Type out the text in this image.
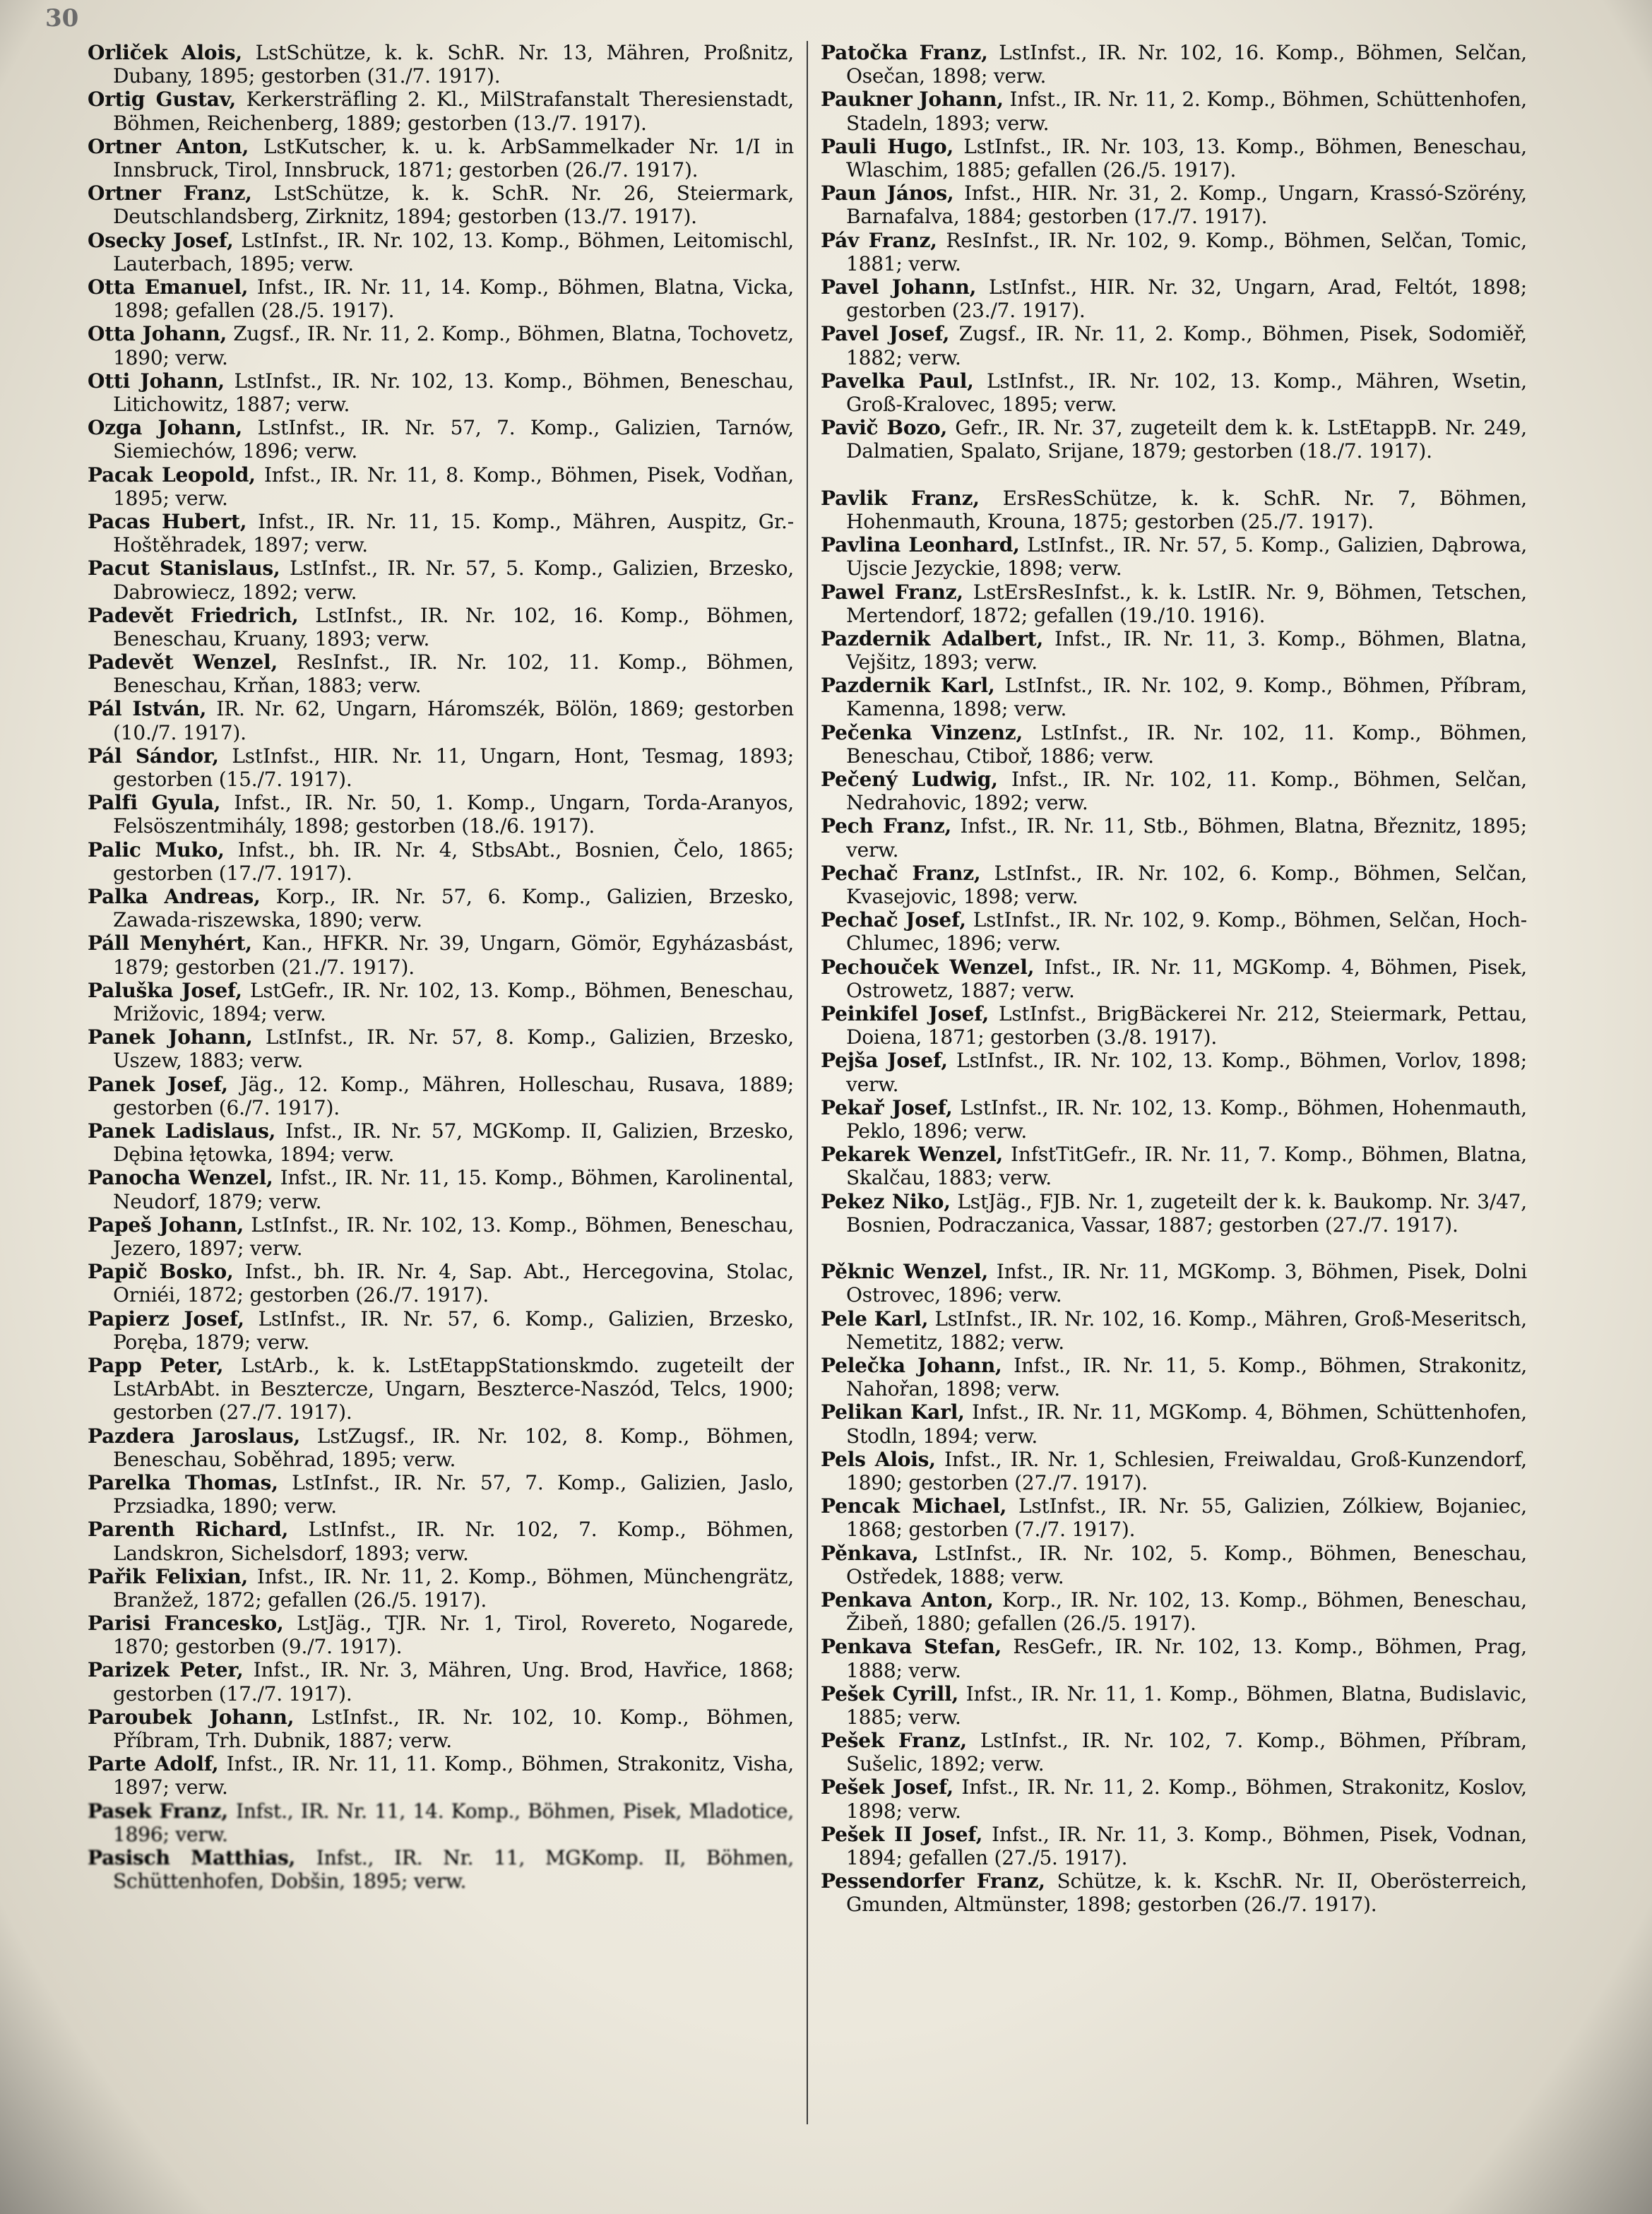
30
Orliček Alois, LstSchütze, k. k. SchR. Nr. 13, Mähren, Proßnitz, Dubany, 1895; gestorben (31./7. 1917).
Ortig Gustav, Kerkersträfling 2. Kl., MilStrafanstalt Theresienstadt, Böhmen, Reichenberg, 1889; gestorben (13./7. 1917).
Ortner Anton, LstKutscher, k. u. k. ArbSammelkader Nr. 1/I in Innsbruck, Tirol, Innsbruck, 1871; gestorben (26./7. 1917).
Ortner Franz, LstSchütze, k. k. SchR. Nr. 26, Steiermark, Deutschlandsberg, Zirknitz, 1894; gestorben (13./7. 1917).
Osecky Josef, LstInfst., IR. Nr. 102, 13. Komp., Böhmen, Leitomischl, Lauterbach, 1895; verw.
Otta Emanuel, Infst., IR. Nr. 11, 14. Komp., Böhmen, Blatna, Vicka, 1898; gefallen (28./5. 1917).
Otta Johann, Zugsf., IR. Nr. 11, 2. Komp., Böhmen, Blatna, Tochovetz, 1890; verw.
Otti Johann, LstInfst., IR. Nr. 102, 13. Komp., Böhmen, Beneschau, Litichowitz, 1887; verw.
Ozga Johann, LstInfst., IR. Nr. 57, 7. Komp., Galizien, Tarnów, Siemiechów, 1896; verw.
Pacak Leopold, Infst., IR. Nr. 11, 8. Komp., Böhmen, Pisek, Vodňan, 1895; verw.
Pacas Hubert, Infst., IR. Nr. 11, 15. Komp., Mähren, Auspitz, Gr.-Hoštěhradek, 1897; verw.
Pacut Stanislaus, LstInfst., IR. Nr. 57, 5. Komp., Galizien, Brzesko, Dabrowiecz, 1892; verw.
Padevět Friedrich, LstInfst., IR. Nr. 102, 16. Komp., Böhmen, Beneschau, Kruany, 1893; verw.
Padevět Wenzel, ResInfst., IR. Nr. 102, 11. Komp., Böhmen, Beneschau, Krňan, 1883; verw.
Pál István, IR. Nr. 62, Ungarn, Háromszék, Bölön, 1869; gestorben (10./7. 1917).
Pál Sándor, LstInfst., HIR. Nr. 11, Ungarn, Hont, Tesmag, 1893; gestorben (15./7. 1917).
Palfi Gyula, Infst., IR. Nr. 50, 1. Komp., Ungarn, Torda-Aranyos, Felsöszentmihály, 1898; gestorben (18./6. 1917).
Palic Muko, Infst., bh. IR. Nr. 4, StbsAbt., Bosnien, Čelo, 1865; gestorben (17./7. 1917).
Palka Andreas, Korp., IR. Nr. 57, 6. Komp., Galizien, Brzesko, Zawada-riszewska, 1890; verw.
Páll Menyhért, Kan., HFKR. Nr. 39, Ungarn, Gömör, Egyházasbást, 1879; gestorben (21./7. 1917).
Paluška Josef, LstGefr., IR. Nr. 102, 13. Komp., Böhmen, Beneschau, Mrižovic, 1894; verw.
Panek Johann, LstInfst., IR. Nr. 57, 8. Komp., Galizien, Brzesko, Uszew, 1883; verw.
Panek Josef, Jäg., 12. Komp., Mähren, Holleschau, Rusava, 1889; gestorben (6./7. 1917).
Panek Ladislaus, Infst., IR. Nr. 57, MGKomp. II, Galizien, Brzesko, Dębina łętowka, 1894; verw.
Panocha Wenzel, Infst., IR. Nr. 11, 15. Komp., Böhmen, Karolinental, Neudorf, 1879; verw.
Papeš Johann, LstInfst., IR. Nr. 102, 13. Komp., Böhmen, Beneschau, Jezero, 1897; verw.
Papič Bosko, Infst., bh. IR. Nr. 4, Sap. Abt., Hercegovina, Stolac, Orniéi, 1872; gestorben (26./7. 1917).
Papierz Josef, LstInfst., IR. Nr. 57, 6. Komp., Galizien, Brzesko, Poręba, 1879; verw.
Papp Peter, LstArb., k. k. LstEtappStationskmdo. zugeteilt der LstArbAbt. in Besztercze, Ungarn, Beszterce-Naszód, Telcs, 1900; gestorben (27./7. 1917).
Pazdera Jaroslaus, LstZugsf., IR. Nr. 102, 8. Komp., Böhmen, Beneschau, Soběhrad, 1895; verw.
Parelka Thomas, LstInfst., IR. Nr. 57, 7. Komp., Galizien, Jaslo, Przsiadka, 1890; verw.
Parenth Richard, LstInfst., IR. Nr. 102, 7. Komp., Böhmen, Landskron, Sichelsdorf, 1893; verw.
Pařik Felixian, Infst., IR. Nr. 11, 2. Komp., Böhmen, Münchengrätz, Branžež, 1872; gefallen (26./5. 1917).
Parisi Francesko, LstJäg., TJR. Nr. 1, Tirol, Rovereto, Nogarede, 1870; gestorben (9./7. 1917).
Parizek Peter, Infst., IR. Nr. 3, Mähren, Ung. Brod, Havřice, 1868; gestorben (17./7. 1917).
Paroubek Johann, LstInfst., IR. Nr. 102, 10. Komp., Böhmen, Příbram, Trh. Dubnik, 1887; verw.
Parte Adolf, Infst., IR. Nr. 11, 11. Komp., Böhmen, Strakonitz, Visha, 1897; verw.
Pasek Franz, Infst., IR. Nr. 11, 14. Komp., Böhmen, Pisek, Mladotice, 1896; verw.
Pasisch Matthias, Infst., IR. Nr. 11, MGKomp. II, Böhmen, Schüttenhofen, Dobšin, 1895; verw.
Patočka Franz, LstInfst., IR. Nr. 102, 16. Komp., Böhmen, Selčan, Osečan, 1898; verw.
Paukner Johann, Infst., IR. Nr. 11, 2. Komp., Böhmen, Schüttenhofen, Stadeln, 1893; verw.
Pauli Hugo, LstInfst., IR. Nr. 103, 13. Komp., Böhmen, Beneschau, Wlaschim, 1885; gefallen (26./5. 1917).
Paun János, Infst., HIR. Nr. 31, 2. Komp., Ungarn, Krassó-Szörény, Barnafalva, 1884; gestorben (17./7. 1917).
Páv Franz, ResInfst., IR. Nr. 102, 9. Komp., Böhmen, Selčan, Tomic, 1881; verw.
Pavel Johann, LstInfst., HIR. Nr. 32, Ungarn, Arad, Feltót, 1898; gestorben (23./7. 1917).
Pavel Josef, Zugsf., IR. Nr. 11, 2. Komp., Böhmen, Pisek, Sodomiěř, 1882; verw.
Pavelka Paul, LstInfst., IR. Nr. 102, 13. Komp., Mähren, Wsetin, Groß-Kralovec, 1895; verw.
Pavič Bozo, Gefr., IR. Nr. 37, zugeteilt dem k. k. LstEtappB. Nr. 249, Dalmatien, Spalato, Srijane, 1879; gestorben (18./7. 1917).
Pavlik Franz, ErsResSchütze, k. k. SchR. Nr. 7, Böhmen, Hohenmauth, Krouna, 1875; gestorben (25./7. 1917).
Pavlina Leonhard, LstInfst., IR. Nr. 57, 5. Komp., Galizien, Dąbrowa, Ujscie Jezyckie, 1898; verw.
Pawel Franz, LstErsResInfst., k. k. LstIR. Nr. 9, Böhmen, Tetschen, Mertendorf, 1872; gefallen (19./10. 1916).
Pazdernik Adalbert, Infst., IR. Nr. 11, 3. Komp., Böhmen, Blatna, Vejšitz, 1893; verw.
Pazdernik Karl, LstInfst., IR. Nr. 102, 9. Komp., Böhmen, Příbram, Kamenna, 1898; verw.
Pečenka Vinzenz, LstInfst., IR. Nr. 102, 11. Komp., Böhmen, Beneschau, Ctiboř, 1886; verw.
Pečený Ludwig, Infst., IR. Nr. 102, 11. Komp., Böhmen, Selčan, Nedrahovic, 1892; verw.
Pech Franz, Infst., IR. Nr. 11, Stb., Böhmen, Blatna, Březnitz, 1895; verw.
Pechač Franz, LstInfst., IR. Nr. 102, 6. Komp., Böhmen, Selčan, Kvasejovic, 1898; verw.
Pechač Josef, LstInfst., IR. Nr. 102, 9. Komp., Böhmen, Selčan, Hoch-Chlumec, 1896; verw.
Pechouček Wenzel, Infst., IR. Nr. 11, MGKomp. 4, Böhmen, Pisek, Ostrowetz, 1887; verw.
Peinkifel Josef, LstInfst., BrigBäckerei Nr. 212, Steiermark, Pettau, Doiena, 1871; gestorben (3./8. 1917).
Pejša Josef, LstInfst., IR. Nr. 102, 13. Komp., Böhmen, Vorlov, 1898; verw.
Pekař Josef, LstInfst., IR. Nr. 102, 13. Komp., Böhmen, Hohenmauth, Peklo, 1896; verw.
Pekarek Wenzel, InfstTitGefr., IR. Nr. 11, 7. Komp., Böhmen, Blatna, Skalčau, 1883; verw.
Pekez Niko, LstJäg., FJB. Nr. 1, zugeteilt der k. k. Baukomp. Nr. 3/47, Bosnien, Podraczanica, Vassar, 1887; gestorben (27./7. 1917).
Pěknic Wenzel, Infst., IR. Nr. 11, MGKomp. 3, Böhmen, Pisek, Dolni Ostrovec, 1896; verw.
Pele Karl, LstInfst., IR. Nr. 102, 16. Komp., Mähren, Groß-Meseritsch, Nemetitz, 1882; verw.
Pelečka Johann, Infst., IR. Nr. 11, 5. Komp., Böhmen, Strakonitz, Nahořan, 1898; verw.
Pelikan Karl, Infst., IR. Nr. 11, MGKomp. 4, Böhmen, Schüttenhofen, Stodln, 1894; verw.
Pels Alois, Infst., IR. Nr. 1, Schlesien, Freiwaldau, Groß-Kunzendorf, 1890; gestorben (27./7. 1917).
Pencak Michael, LstInfst., IR. Nr. 55, Galizien, Zólkiew, Bojaniec, 1868; gestorben (7./7. 1917).
Pěnkava, LstInfst., IR. Nr. 102, 5. Komp., Böhmen, Beneschau, Ostředek, 1888; verw.
Penkava Anton, Korp., IR. Nr. 102, 13. Komp., Böhmen, Beneschau, Žibeň, 1880; gefallen (26./5. 1917).
Penkava Stefan, ResGefr., IR. Nr. 102, 13. Komp., Böhmen, Prag, 1888; verw.
Pešek Cyrill, Infst., IR. Nr. 11, 1. Komp., Böhmen, Blatna, Budislavic, 1885; verw.
Pešek Franz, LstInfst., IR. Nr. 102, 7. Komp., Böhmen, Příbram, Sušelic, 1892; verw.
Pešek Josef, Infst., IR. Nr. 11, 2. Komp., Böhmen, Strakonitz, Koslov, 1898; verw.
Pešek II Josef, Infst., IR. Nr. 11, 3. Komp., Böhmen, Pisek, Vodnan, 1894; gefallen (27./5. 1917).
Pessendorfer Franz, Schütze, k. k. KschR. Nr. II, Oberösterreich, Gmunden, Altmünster, 1898; gestorben (26./7. 1917).
